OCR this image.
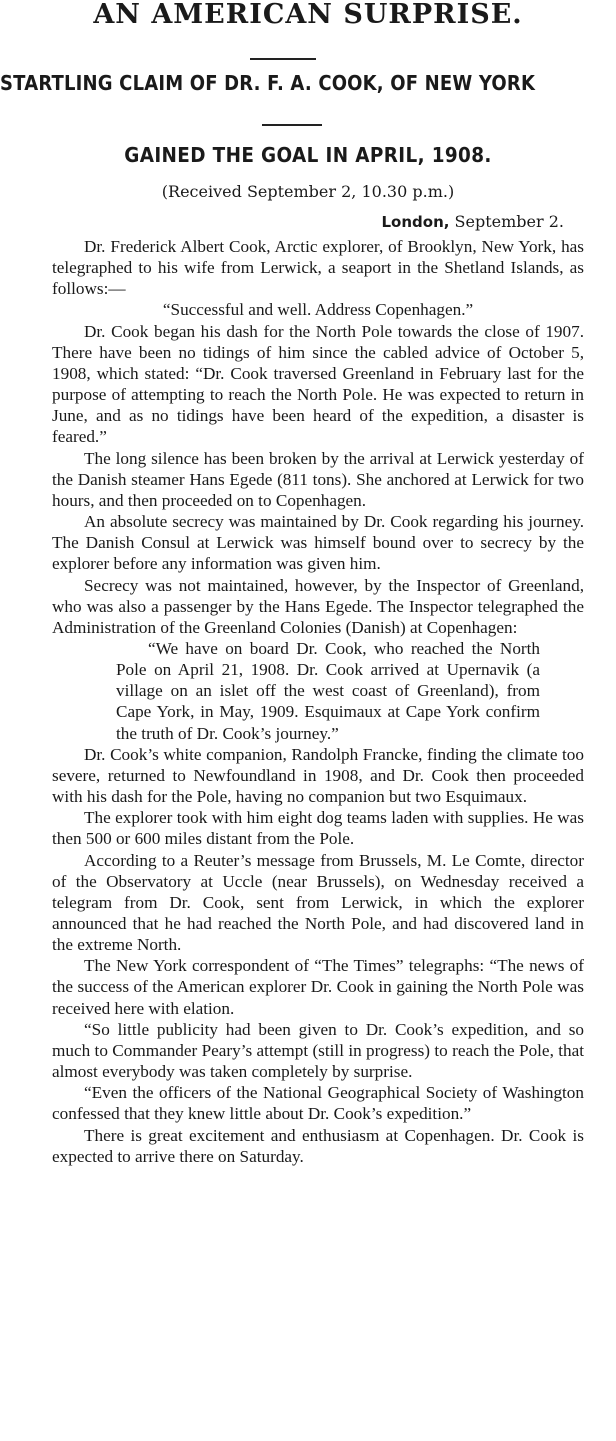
AN AMERICAN SURPRISE.
STARTLING CLAIM OF DR. F. A. COOK, OF NEW YORK
GAINED THE GOAL IN APRIL, 1908.
(Received September 2, 10.30 p.m.)
London, September 2.

Dr. Frederick Albert Cook, Arctic explorer, of Brooklyn, New York, has telegraphed to his wife from Lerwick, a seaport in the Shetland Islands, as follows:—

“Successful and well. Address Copenhagen.”

Dr. Cook began his dash for the North Pole towards the close of 1907. There have been no tidings of him since the cabled advice of October 5, 1908, which stated: “Dr. Cook traversed Greenland in February last for the purpose of attempting to reach the North Pole. He was expected to return in June, and as no tidings have been heard of the expedition, a disaster is feared.”

The long silence has been broken by the arrival at Lerwick yesterday of the Danish steamer Hans Egede (811 tons). She anchored at Lerwick for two hours, and then proceeded on to Copenhagen.

An absolute secrecy was maintained by Dr. Cook regarding his journey. The Danish Consul at Lerwick was himself bound over to secrecy by the explorer before any information was given him.

Secrecy was not maintained, however, by the Inspector of Greenland, who was also a passenger by the Hans Egede. The Inspector telegraphed the Administration of the Greenland Colonies (Danish) at Copenhagen:

“We have on board Dr. Cook, who reached the North Pole on April 21, 1908. Dr. Cook arrived at Upernavik (a village on an islet off the west coast of Greenland), from Cape York, in May, 1909. Esquimaux at Cape York confirm the truth of Dr. Cook’s journey.”

Dr. Cook’s white companion, Randolph Francke, finding the climate too severe, returned to Newfoundland in 1908, and Dr. Cook then proceeded with his dash for the Pole, having no companion but two Esquimaux.

The explorer took with him eight dog teams laden with supplies. He was then 500 or 600 miles distant from the Pole.

According to a Reuter’s message from Brussels, M. Le Comte, director of the Observatory at Uccle (near Brussels), on Wednesday received a telegram from Dr. Cook, sent from Lerwick, in which the explorer announced that he had reached the North Pole, and had discovered land in the extreme North.

The New York correspondent of “The Times” telegraphs: “The news of the success of the American explorer Dr. Cook in gaining the North Pole was received here with elation.

“So little publicity had been given to Dr. Cook’s expedition, and so much to Commander Peary’s attempt (still in progress) to reach the Pole, that almost everybody was taken completely by surprise.

“Even the officers of the National Geographical Society of Washington confessed that they knew little about Dr. Cook’s expedition.”

There is great excitement and enthusiasm at Copenhagen. Dr. Cook is expected to arrive there on Saturday.
